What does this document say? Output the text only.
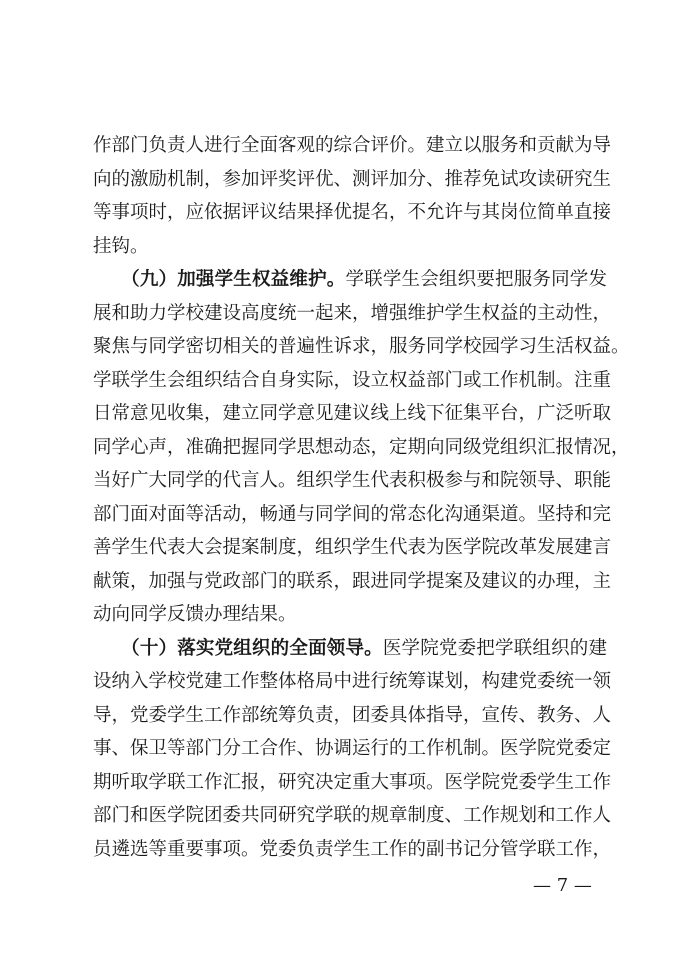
作部门负责人进行全面客观的综合评价。建立以服务和贡献为导
向的激励机制，参加评奖评优、测评加分、推荐免试攻读研究生
等事项时，应依据评议结果择优提名，不允许与其岗位简单直接
挂钩。
　　（九）加强学生权益维护。学联学生会组织要把服务同学发
展和助力学校建设高度统一起来，增强维护学生权益的主动性，
聚焦与同学密切相关的普遍性诉求，服务同学校园学习生活权益。
学联学生会组织结合自身实际，设立权益部门或工作机制。注重
日常意见收集，建立同学意见建议线上线下征集平台，广泛听取
同学心声，准确把握同学思想动态，定期向同级党组织汇报情况，
当好广大同学的代言人。组织学生代表积极参与和院领导、职能
部门面对面等活动，畅通与同学间的常态化沟通渠道。坚持和完
善学生代表大会提案制度，组织学生代表为医学院改革发展建言
献策，加强与党政部门的联系，跟进同学提案及建议的办理，主
动向同学反馈办理结果。
　　（十）落实党组织的全面领导。医学院党委把学联组织的建
设纳入学校党建工作整体格局中进行统筹谋划，构建党委统一领
导，党委学生工作部统筹负责，团委具体指导，宣传、教务、人
事、保卫等部门分工合作、协调运行的工作机制。医学院党委定
期听取学联工作汇报，研究决定重大事项。医学院党委学生工作
部门和医学院团委共同研究学联的规章制度、工作规划和工作人
员遴选等重要事项。党委负责学生工作的副书记分管学联工作，
— 7 —
